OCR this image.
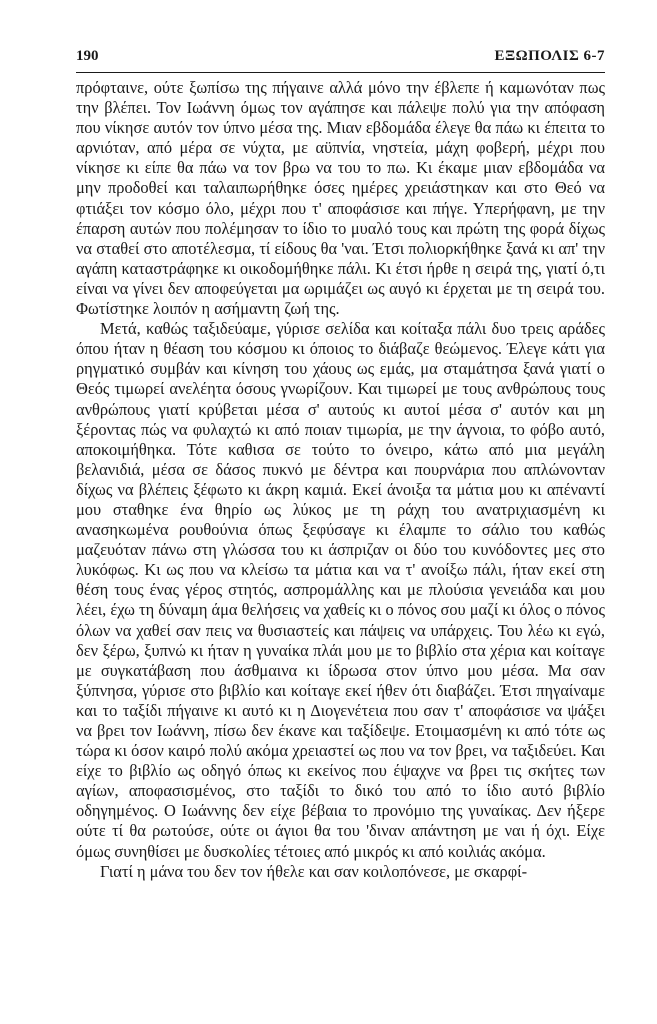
190	ΕΞΩΠΟΛΙΣ 6-7

πρόφταινε, ούτε ξωπίσω της πήγαινε αλλά μόνο την έβλεπε ή καμωνόταν πως την βλέπει. Τον Ιωάννη όμως τον αγάπησε και πάλεψε πολύ για την απόφαση που νίκησε αυτόν τον ύπνο μέσα της. Μιαν εβδομάδα έλεγε θα πάω κι έπειτα το αρνιόταν, από μέρα σε νύχτα, με αϋπνία, νηστεία, μάχη φοβερή, μέχρι που νίκησε κι είπε θα πάω να τον βρω να του το πω. Κι έκαμε μιαν εβδομάδα να μην προδοθεί και ταλαιπωρήθηκε όσες ημέρες χρειάστηκαν και στο Θεό να φτιάξει τον κόσμο όλο, μέχρι που τ' αποφάσισε και πήγε. Υπερήφανη, με την έπαρση αυτών που πολέμησαν το ίδιο το μυαλό τους και πρώτη της φορά δίχως να σταθεί στο αποτέλεσμα, τί είδους θα 'ναι. Έτσι πολιορκήθηκε ξανά κι απ' την αγάπη καταστράφηκε κι οικοδομήθηκε πάλι. Κι έτσι ήρθε η σειρά της, γιατί ό,τι είναι να γίνει δεν αποφεύγεται μα ωριμάζει ως αυγό κι έρχεται με τη σειρά του. Φωτίστηκε λοιπόν η ασήμαντη ζωή της.

Μετά, καθώς ταξιδεύαμε, γύρισε σελίδα και κοίταξα πάλι δυο τρεις αράδες όπου ήταν η θέαση του κόσμου κι όποιος το διάβαζε θεώμενος. Έλεγε κάτι για ρηγματικό συμβάν και κίνηση του χάους ως εμάς, μα σταμάτησα ξανά γιατί ο Θεός τιμωρεί ανελέητα όσους γνωρίζουν. Και τιμωρεί με τους ανθρώπους τους ανθρώπους γιατί κρύβεται μέσα σ' αυτούς κι αυτοί μέσα σ' αυτόν και μη ξέροντας πώς να φυλαχτώ κι από ποιαν τιμωρία, με την άγνοια, το φόβο αυτό, αποκοιμήθηκα. Τότε καθισα σε τούτο το όνειρο, κάτω από μια μεγάλη βελανιδιά, μέσα σε δάσος πυκνό με δέντρα και πουρνάρια που απλώνονταν δίχως να βλέπεις ξέφωτο κι άκρη καμιά. Εκεί άνοιξα τα μάτια μου κι απέναντί μου σταθηκε ένα θηρίο ως λύκος με τη ράχη του ανατριχιασμένη κι ανασηκωμένα ρουθούνια όπως ξεφύσαγε κι έλαμπε το σάλιο του καθώς μαζευόταν πάνω στη γλώσσα του κι άσπριζαν οι δύο του κυνόδοντες μες στο λυκόφως. Κι ως που να κλείσω τα μάτια και να τ' ανοίξω πάλι, ήταν εκεί στη θέση τους ένας γέρος στητός, ασπρομάλλης και με πλούσια γενειάδα και μου λέει, έχω τη δύναμη άμα θελήσεις να χαθείς κι ο πόνος σου μαζί κι όλος ο πόνος όλων να χαθεί σαν πεις να θυσιαστείς και πάψεις να υπάρχεις. Του λέω κι εγώ, δεν ξέρω, ξυπνώ κι ήταν η γυναίκα πλάι μου με το βιβλίο στα χέρια και κοίταγε με συγκατάβαση που άσθμαινα κι ίδρωσα στον ύπνο μου μέσα. Μα σαν ξύπνησα, γύρισε στο βιβλίο και κοίταγε εκεί ήθεν ότι διαβάζει. Έτσι πηγαίναμε και το ταξίδι πήγαινε κι αυτό κι η Διογενέτεια που σαν τ' αποφάσισε να ψάξει να βρει τον Ιωάννη, πίσω δεν έκανε και ταξίδεψε. Ετοιμασμένη κι από τότε ως τώρα κι όσον καιρό πολύ ακόμα χρειαστεί ως που να τον βρει, να ταξιδεύει. Και είχε το βιβλίο ως οδηγό όπως κι εκείνος που έψαχνε να βρει τις σκήτες των αγίων, αποφασισμένος, στο ταξίδι το δικό του από το ίδιο αυτό βιβλίο οδηγημένος. Ο Ιωάννης δεν είχε βέβαια το προνόμιο της γυναίκας. Δεν ήξερε ούτε τί θα ρωτούσε, ούτε οι άγιοι θα του 'διναν απάντηση με ναι ή όχι. Είχε όμως συνηθίσει με δυσκολίες τέτοιες από μικρός κι από κοιλιάς ακόμα.

Γιατί η μάνα του δεν τον ήθελε και σαν κοιλοπόνεσε, με σκαρφί-
